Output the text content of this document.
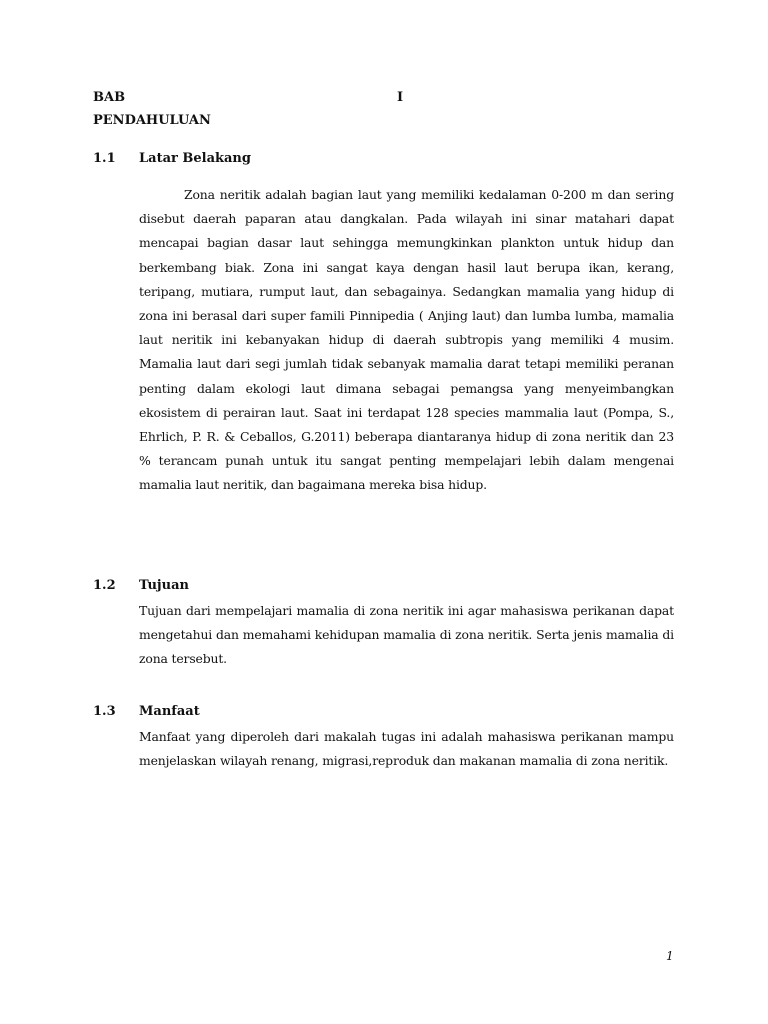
BAB	I
PENDAHULUAN
1.1 Latar Belakang

Zona neritik adalah bagian laut yang memiliki kedalaman 0-200 m dan sering disebut daerah paparan atau dangkalan. Pada wilayah ini sinar matahari dapat mencapai bagian dasar laut sehingga memungkinkan plankton untuk hidup dan berkembang biak. Zona ini sangat kaya dengan hasil laut berupa ikan, kerang, teripang, mutiara, rumput laut, dan sebagainya. Sedangkan mamalia yang hidup di zona ini berasal dari super famili Pinnipedia ( Anjing laut) dan lumba lumba, mamalia laut neritik ini kebanyakan hidup di daerah subtropis yang memiliki 4 musim. Mamalia laut dari segi jumlah tidak sebanyak mamalia darat tetapi memiliki peranan penting dalam ekologi laut dimana sebagai pemangsa yang menyeimbangkan ekosistem di perairan laut. Saat ini terdapat 128 species mammalia laut (Pompa, S., Ehrlich, P. R. & Ceballos, G.2011) beberapa diantaranya hidup di zona neritik dan 23 % terancam punah untuk itu sangat penting mempelajari lebih dalam mengenai mamalia laut neritik, dan bagaimana mereka bisa hidup.

1.2 Tujuan

Tujuan dari mempelajari mamalia di zona neritik ini agar mahasiswa perikanan dapat mengetahui dan memahami kehidupan mamalia di zona neritik. Serta jenis mamalia di zona tersebut.

1.3 Manfaat

Manfaat yang diperoleh dari makalah tugas ini adalah mahasiswa perikanan mampu menjelaskan wilayah renang, migrasi,reproduk dan makanan mamalia di zona neritik.

1
